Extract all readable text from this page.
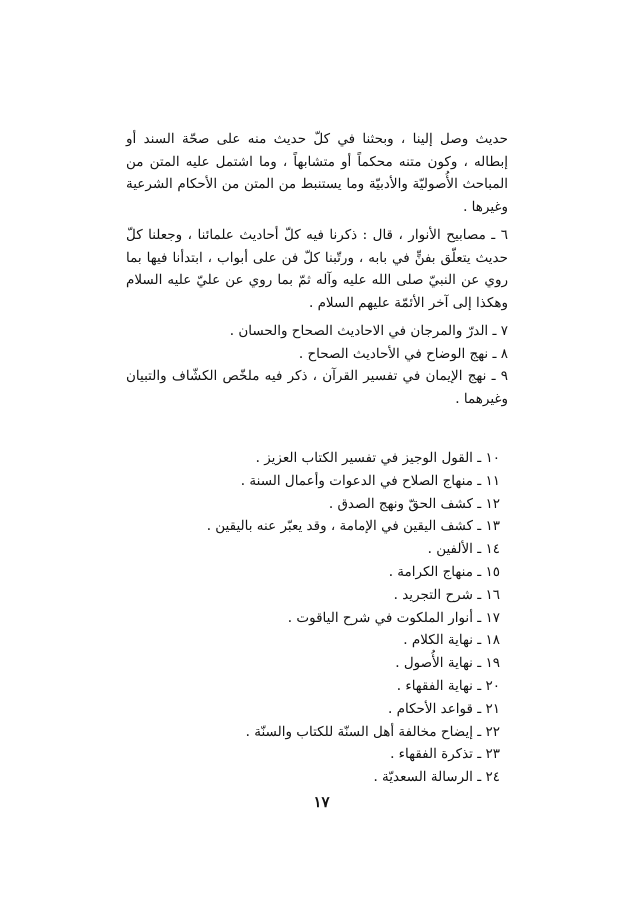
حديث وصل إلينا ، وبحثنا في كلّ حديث منه على صحّة السند أو إبطاله ، وكون متنه محكماً أو متشابهاً ، وما اشتمل عليه المتن من المباحث الأُصوليّة والأدبيّة وما يستنبط من المتن من الأحكام الشرعية وغيرها .

٦ ـ مصابيح الأنوار ، قال : ذكرنا فيه كلّ أحاديث علمائنا ، وجعلنا كلّ حديث يتعلّق بفنٍّ في بابه ، ورتّبنا كلّ فن على أبواب ، ابتدأنا فيها بما روي عن النبيّ صلى الله عليه وآله ثمّ بما روي عن عليّ عليه السلام وهكذا إلى آخر الأئمّة عليهم السلام .

٧ ـ الدرّ والمرجان في الاحاديث الصحاح والحسان .

٨ ـ نهج الوضاح في الأحاديث الصحاح .

٩ ـ نهج الإيمان في تفسير القرآن ، ذكر فيه ملخّص الكشّاف والتبيان وغيرهما .

١٠ ـ القول الوجيز في تفسير الكتاب العزيز .
١١ ـ منهاج الصلاح في الدعوات وأعمال السنة .
١٢ ـ كشف الحقّ ونهج الصدق .
١٣ ـ كشف اليقين في الإمامة ، وقد يعبّر عنه باليقين .
١٤ ـ الألفين .
١٥ ـ منهاج الكرامة .
١٦ ـ شرح التجريد .
١٧ ـ أنوار الملكوت في شرح الياقوت .
١٨ ـ نهاية الكلام .
١٩ ـ نهاية الأُصول .
٢٠ ـ نهاية الفقهاء .
٢١ ـ قواعد الأحكام .
٢٢ ـ إيضاح مخالفة أهل السنّة للكتاب والسنّة .
٢٣ ـ تذكرة الفقهاء .
٢٤ ـ الرسالة السعديّة .
١٧
